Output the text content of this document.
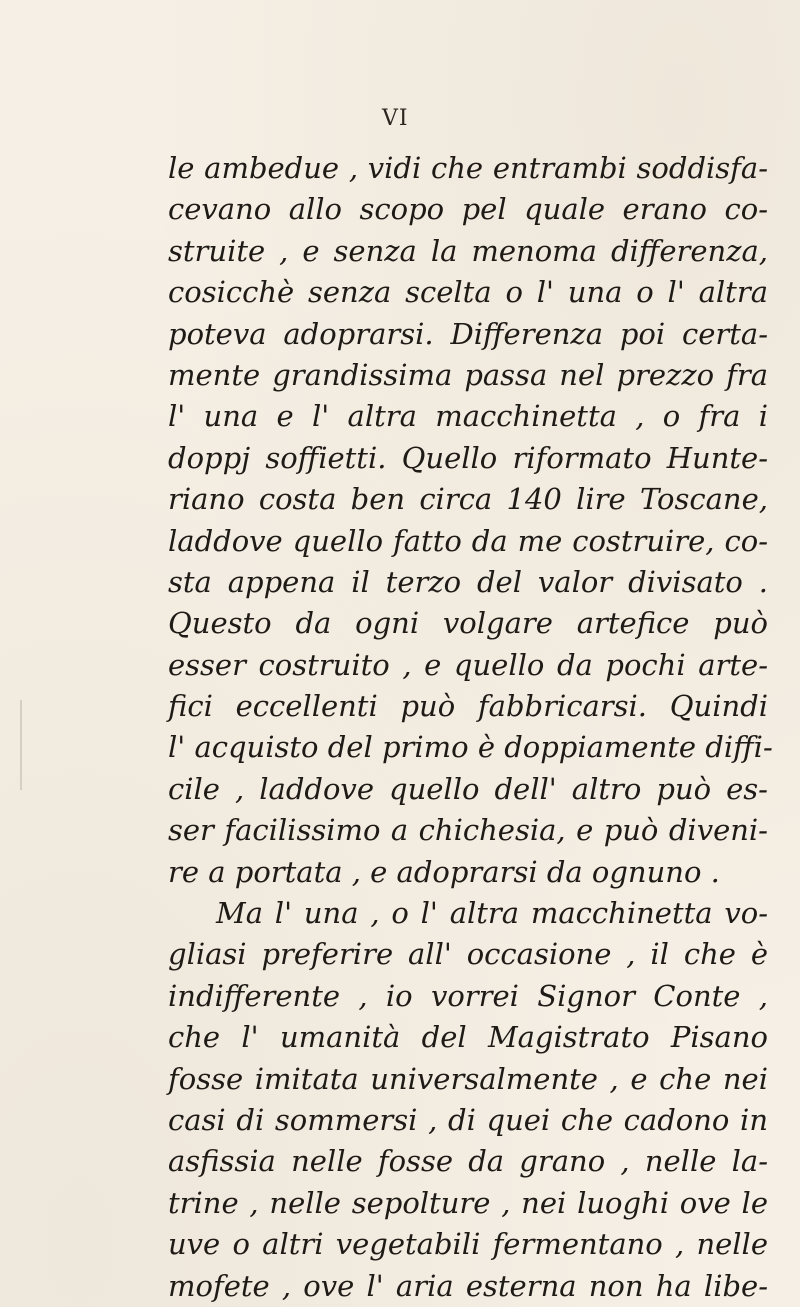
VI
le ambedue , vidi che entrambi soddisfa-
cevano allo scopo pel quale erano co-
struite , e senza la menoma differenza,
cosicchè senza scelta o l' una o l' altra
poteva adoprarsi. Differenza poi certa-
mente grandissima passa nel prezzo fra
l' una e l' altra macchinetta , o fra i
doppj soffietti. Quello riformato Hunte-
riano costa ben circa 140 lire Toscane,
laddove quello fatto da me costruire, co-
sta appena il terzo del valor divisato .
Questo da ogni volgare artefice può
esser costruito , e quello da pochi arte-
fici eccellenti può fabbricarsi. Quindi
l' acquisto del primo è doppiamente diffi-
cile , laddove quello dell' altro può es-
ser facilissimo a chichesia, e può diveni-
re a portata , e adoprarsi da ognuno .
Ma l' una , o l' altra macchinetta vo-
gliasi preferire all' occasione , il che è
indifferente , io vorrei Signor Conte ,
che l' umanità del Magistrato Pisano
fosse imitata universalmente , e che nei
casi di sommersi , di quei che cadono in
asfissia nelle fosse da grano , nelle la-
trine , nelle sepolture , nei luoghi ove le
uve o altri vegetabili fermentano , nelle
mofete , ove l' aria esterna non ha libe-
